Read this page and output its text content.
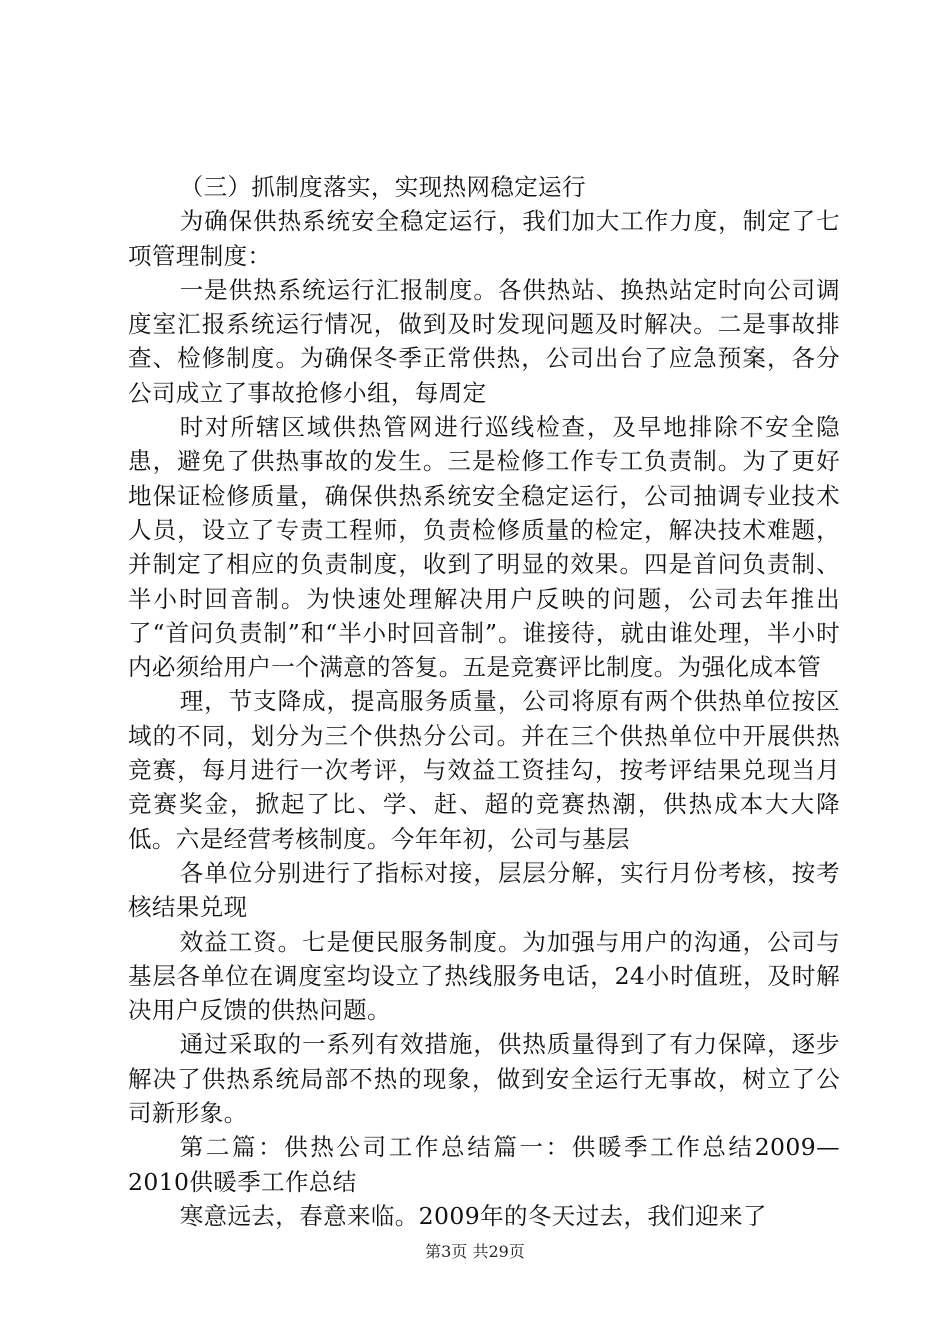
（三）抓制度落实，实现热网稳定运行

为确保供热系统安全稳定运行，我们加大工作力度，制定了七项管理制度：

一是供热系统运行汇报制度。各供热站、换热站定时向公司调度室汇报系统运行情况，做到及时发现问题及时解决。二是事故排查、检修制度。为确保冬季正常供热，公司出台了应急预案，各分公司成立了事故抢修小组，每周定

时对所辖区域供热管网进行巡线检查，及早地排除不安全隐患，避免了供热事故的发生。三是检修工作专工负责制。为了更好地保证检修质量，确保供热系统安全稳定运行，公司抽调专业技术人员，设立了专责工程师，负责检修质量的检定，解决技术难题，并制定了相应的负责制度，收到了明显的效果。四是首问负责制、半小时回音制。为快速处理解决用户反映的问题，公司去年推出了“首问负责制”和“半小时回音制”。谁接待，就由谁处理，半小时内必须给用户一个满意的答复。五是竞赛评比制度。为强化成本管

理，节支降成，提高服务质量，公司将原有两个供热单位按区域的不同，划分为三个供热分公司。并在三个供热单位中开展供热竞赛，每月进行一次考评，与效益工资挂勾，按考评结果兑现当月竞赛奖金，掀起了比、学、赶、超的竞赛热潮，供热成本大大降低。六是经营考核制度。今年年初，公司与基层

各单位分别进行了指标对接，层层分解，实行月份考核，按考核结果兑现

效益工资。七是便民服务制度。为加强与用户的沟通，公司与基层各单位在调度室均设立了热线服务电话，24小时值班，及时解决用户反馈的供热问题。

通过采取的一系列有效措施，供热质量得到了有力保障，逐步解决了供热系统局部不热的现象，做到安全运行无事故，树立了公司新形象。

第二篇：供热公司工作总结篇一：供暖季工作总结2009—2010供暖季工作总结

寒意远去，春意来临。2009年的冬天过去，我们迎来了

第3页 共29页
